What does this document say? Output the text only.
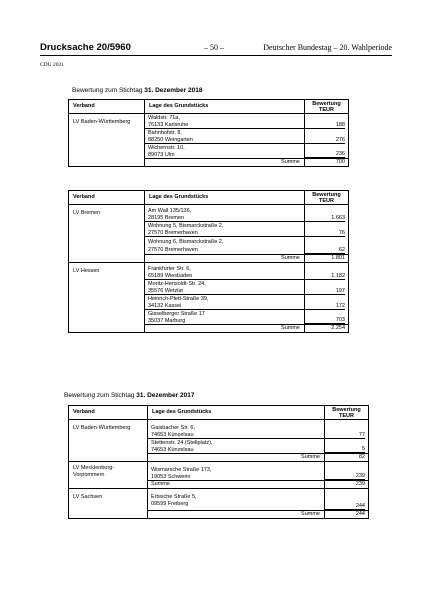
Drucksache 20/5960	– 50 –	Deutscher Bundestag – 20. Wahlperiode
CDU 2021
Bewertung zum Stichtag 31. Dezember 2018
Verband	Lage des Grundstücks	Bewertung
TEUR
LV Baden-Württemberg	Waldstr. 71a,
76133 Karlsruhe	188

	Bahnhofstr. 8,
88250 Weingarten	276

	Wichernstr. 10,
89073 Ulm	236

	Summe	700
Verband	Lage des Grundstücks	Bewertung
TEUR
LV Bremen	Am Wall 135/136,
28195 Bremen	1.663

	Wohnung 5, Bismarckstraße 2,
27570 Bremerhaven	76

	Wohnung 6, Bismarckstraße 2,
27570 Bremerhaven	62

	Summe	1.801
LV Hessen	Frankfurter Str. 6,
65189 Wiesbaden	1.182

	Moritz-Hensoldt-Str. 24,
35576 Wetzlar	197

	Heinrich-Plett-Straße 39,
34132 Kassel	172

	Gisselberger Straße 17
35037 Marburg	703

	Summe	2.254
Bewertung zum Stichtag 31. Dezember 2017
Verband	Lage des Grundstücks	Bewertung
TEUR
LV Baden-Württemberg	Gaisbacher Str. 6,
74653 Künzelsau	77

	Stettenstr. 24 (Stellplatz),
74653 Künzelsau	5

	Summe	82
LV Mecklenburg-
Vorpommern	Wismarsche Straße 173,
19053 Schwerin	239

	Summe	239
LV Sachsen	Erbische Straße 5,
09599 Freiberg	244

	Summe	244
